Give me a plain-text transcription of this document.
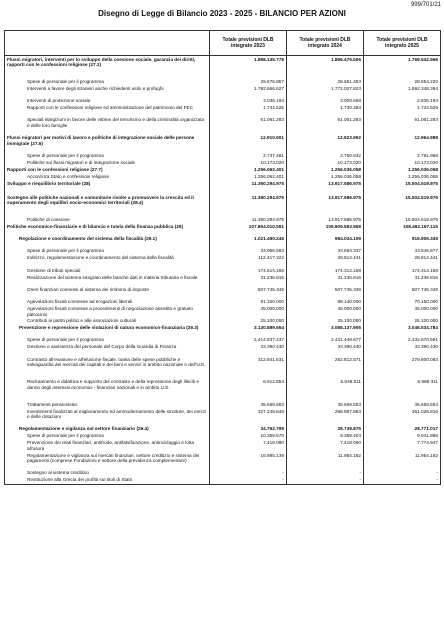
999/701/21
Disegno di Legge di Bilancio 2023 - 2025 - BILANCIO PER AZIONI
	Totale previsioni DLB integrato 2023	Totale previsioni DLB integrato 2024	Totale previsioni DLB integrato 2025
Flussi migratori, interventi per lo sviluppo della coesione sociale, garanzia dei diritti, rapporti con le confessioni religiose (27.2)	1.888.135.779	1.866.479.506	1.769.542.566
Spese di personale per il programma	29.676.857	28.651.453	28.554.220
Interventi a favore degli stranieri anche richiedenti asilo e profughi	1.792.666.627	1.772.027.823	1.692.348.364
Interventi di protezione sociale	3.036.194	3.008.668	2.836.194
Rapporti con le confessioni religiose ed amministrazione del patrimonio del FEC	1.744.525	1.730.483	1.744.525
Speciali elargizioni in favore delle vittime del terrorismo e della criminalità organizzata e delle loro famiglie	61.061.283	61.061.283	61.061.283
Flussi migratori per motivi di lavoro e politiche di integrazione sociale delle persone immigrate (27.6)	12.910.501	12.923.952	12.964.988
Spese di personale per il programma	2.737.481	2.750.932	2.791.968
Politiche sui flussi migratori e di integrazione sociale	10.173.020	10.173.020	10.173.020
Rapporti con le confessioni religiose (27.7)	1.256.062.401	1.256.036.058	1.256.036.058
Accordi tra Stato e confessioni religiose	1.256.062.401	1.256.036.058	1.256.036.058
Sviluppo e riequilibrio territoriale (28)	11.360.294.975	13.917.586.975	15.504.519.975

Sostegno alle politiche nazionali e comunitarie rivolte a promuovere la crescita ed il superamento degli squilibri socio-economici territoriali (28.4)	11.360.294.975	13.917.586.975	15.504.519.975
Politiche di coesione	11.360.294.975	13.917.586.975	15.504.519.975
Politiche economico-finanziarie e di bilancio e tutela della finanza pubblica (29)	107.854.010.591	109.809.563.959	108.482.167.115
Regolazione e coordinamento del sistema della fiscalità (29.1)	1.021.490.246	984.034.109	915.906.349
Spese di personale per il programma	34.056.593	33.663.337	33.545.577
Indirizzo, regolamentazione e coordinamento del sistema della fiscalità	112.417.322	28.814.441	28.814.441
Gestione di tributi speciali	174.614.168	174.314.168	174.314.168
Realizzazione del sistema integrato delle banche dati in materia tributaria e fiscale	31.236.816	31.236.816	31.236.816
Oneri finanziari connessi al sistema dei rimborsi di imposte	507.745.349	507.745.349	507.745.349
Agevolazioni fiscali connesse ad erogazioni liberali	91.320.000	88.140.000	70.150.000
Agevolazioni fiscali connesse a procedimenti di negoziazione assistita e gratuito patrocinio	45.000.000	45.000.000	45.000.000
Contributi ai partiti politici e alle associazioni culturali	25.100.000	25.100.000	25.100.000
Prevenzione e repressione delle violazioni di natura economico-finanziaria (29.3)	3.130.889.554	3.088.137.905	3.046.534.784
Spese di personale per il programma	2.414.837.437	2.431.449.677	2.432.670.591
Gestione e assistenza del personale del Corpo della Guardia di Finanza	33.390.430	33.390.430	33.390.430
Contrasto all'evasione e all'elusione fiscale, tutela delle spese pubbliche e salvaguardia dei mercati dei capitali e dei beni e servizi in ambito nazionale e dell'U.E.	312.841.631	282.812.571	279.800.083
Reclutamento e didattica e supporto del contrasto e della repressione degli illeciti e danno degli interessi economici - finanziari nazionali e in ambito U.E.	6.912.854	5.938.811	5.988.311
Trattamenti pensionistici	35.659.553	35.659.553	35.659.553
Investimenti finalizzati al miglioramento ed ammodernamento delle strutture, dei mezzi e delle dotazioni	327.248.649	298.887.863	261.028.816
Regolamentazione e vigilanza sul settore finanziario (29.4)	34.762.799	28.739.875	28.771.017
Spese di personale per il programma	10.359.570	9.359.403	9.041.888
Prevenzione dei reati finanziari, antifrode, antifalsificazione, antiriciclaggio e lotta all'usura	7.418.090	7.418.090	7.774.947
Regolamentazione e vigilanza sui mercati finanziari, settore creditizio e sistema dei pagamenti (comprese Fondazioni e settore della previdenza complementare)	16.985.139	11.954.182	11.954.182
Sostegno al sistema creditizio	-	-	-
Restituzione alla Grecia dei profitti sui titoli di Stato	-	-	-
